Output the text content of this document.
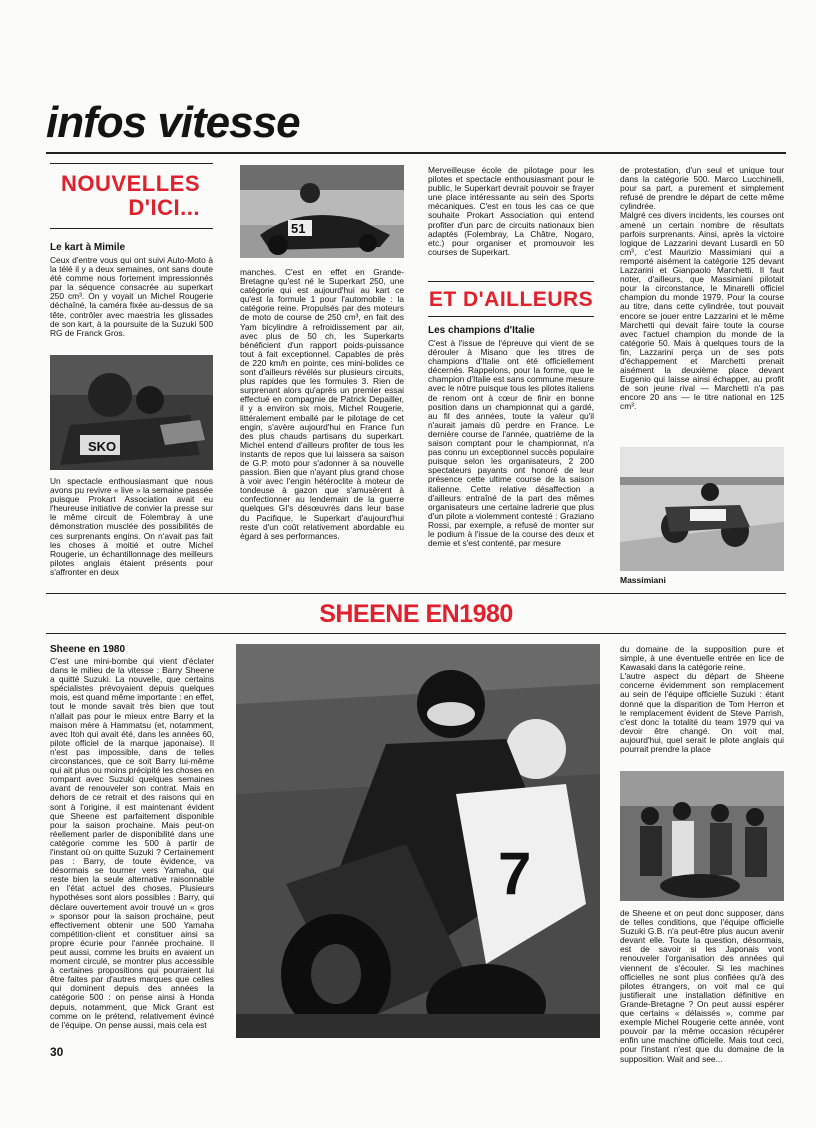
infos vitesse
NOUVELLES
D'ICI...

Le kart à Mimile

Ceux d'entre vous qui ont suivi Auto-Moto à la télé il y a deux semaines, ont sans doute été comme nous fortement impressionnés par la séquence consacrée au superkart 250 cm³. On y voyait un Michel Rougerie déchaîné, la caméra fixée au-dessus de sa tête, contrôler avec maestria les glissades de son kart, à la poursuite de la Suzuki 500 RG de Franck Gros.

SKO

Un spectacle enthousiasmant que nous avons pu revivre « live » la semaine passée puisque Prokart Association avait eu l'heureuse initiative de convier la presse sur le même circuit de Folembray à une démonstration musclée des possibilités de ces surprenants engins. On n'avait pas fait les choses à moitié et outre Michel Rougerie, un échantillonnage des meilleurs pilotes anglais étaient présents pour s'affronter en deux

51

manches. C'est en effet en Grande-Bretagne qu'est né le Superkart 250, une catégorie qui est aujourd'hui au kart ce qu'est la formule 1 pour l'automobile : la catégorie reine. Propulsés par des moteurs de moto de course de 250 cm³, en fait des Yam bicylindre à refroidissement par air, avec plus de 50 ch, les Superkarts bénéficient d'un rapport poids-puissance tout à fait exceptionnel. Capables de près de 220 km/h en pointe, ces mini-bolides ce sont d'ailleurs révélés sur plusieurs circuits, plus rapides que les formules 3. Rien de surprenant alors qu'après un premier essai effectué en compagnie de Patrick Depailler, il y a environ six mois, Michel Rougerie, littéralement emballé par le pilotage de cet engin, s'avère aujourd'hui en France l'un des plus chauds partisans du superkart. Michel entend d'ailleurs profiter de tous les instants de repos que lui laissera sa saison de G.P. moto pour s'adonner à sa nouvelle passion. Bien que n'ayant plus grand chose à voir avec l'engin hétéroclite à moteur de tondeuse à gazon que s'amusèrent à confectionner au lendemain de la guerre quelques GI's désœuvrés dans leur base du Pacifique, le Superkart d'aujourd'hui reste d'un coût relativement abordable eu égard à ses performances.

Merveilleuse école de pilotage pour les pilotes et spectacle enthousiasmant pour le public, le Superkart devrait pouvoir se frayer une place intéressante au sein des Sports mécaniques. C'est en tous les cas ce que souhaite Prokart Association qui entend profiter d'un parc de circuits nationaux bien adaptés (Folembray, La Châtre, Nogaro, etc.) pour organiser et promouvoir les courses de Superkart.

ET D'AILLEURS

Les champions d'Italie

C'est à l'issue de l'épreuve qui vient de se dérouler à Misano que les titres de champions d'Italie ont été officiellement décernés. Rappelons, pour la forme, que le champion d'Italie est sans commune mesure avec le nôtre puisque tous les pilotes italiens de renom ont à cœur de finir en bonne position dans un championnat qui a gardé, au fil des années, toute la valeur qu'il n'aurait jamais dû perdre en France. Le dernière course de l'année, quatrième de la saison comptant pour le championnat, n'a pas connu un exceptionnel succès populaire puisque selon les organisateurs, 2 200 spectateurs payants ont honoré de leur présence cette ultime course de la saison italienne. Cette relative désaffection a d'ailleurs entraîné de la part des mêmes organisateurs une certaine ladrerie que plus d'un pilote a violemment contesté : Graziano Rossi, par exemple, a refusé de monter sur le podium à l'issue de la course des deux et demie et s'est contenté, par mesure

de protestation, d'un seul et unique tour dans la catégorie 500. Marco Lucchinelli, pour sa part, a purement et simplement refusé de prendre le départ de cette même cylindrée.
Malgré ces divers incidents, les courses ont amené un certain nombre de résultats parfois surprenants. Ainsi, après la victoire logique de Lazzarini devant Lusardi en 50 cm³, c'est Maurizio Massimiani qui a remporté aisément la catégorie 125 devant Lazzarini et Gianpaolo Marchetti. Il faut noter, d'ailleurs, que Massimiani pilotait pour la circonstance, le Minarelli officiel champion du monde 1979. Pour la course au titre, dans cette cylindrée, tout pouvait encore se jouer entre Lazzarini et le même Marchetti qui devait faire toute la course avec l'actuel champion du monde de la catégorie 50. Mais à quelques tours de la fin, Lazzarini perça un de ses pots d'échappement et Marchetti prenait aisément la deuxième place devant Eugenio qui laisse ainsi échapper, au profit de son jeune rival — Marchetti n'a pas encore 20 ans — le titre national en 125 cm³.

Massimiani
SHEENE EN1980

Sheene en 1980

C'est une mini-bombe qui vient d'éclater dans le milieu de la vitesse : Barry Sheene a quitté Suzuki. La nouvelle, que certains spécialistes prévoyaient depuis quelques mois, est quand même importante : en effet, tout le monde savait très bien que tout n'allait pas pour le mieux entre Barry et la maison mère à Hammatsu (et, notamment, avec Itoh qui avait été, dans les années 60, pilote officiel de la marque japonaise). Il n'est pas impossible, dans de telles circonstances, que ce soit Barry lui-même qui ait plus ou moins précipité les choses en rompant avec Suzuki quelques semaines avant de renouveler son contrat. Mais en dehors de ce retrait et des raisons qui en sont à l'origine, il est maintenant évident que Sheene est parfaitement disponible pour la saison prochaine. Mais peut-on réellement parler de disponibilité dans une catégorie comme les 500 à partir de l'instant où on quitte Suzuki ? Certainement pas : Barry, de toute évidence, va désormais se tourner vers Yamaha, qui reste bien la seule alternative raisonnable en l'état actuel des choses. Plusieurs hypothèses sont alors possibles : Barry, qui déclare ouvertement avoir trouvé un « gros » sponsor pour la saison prochaine, peut effectivement obtenir une 500 Yamaha compétition-client et constituer ainsi sa propre écurie pour l'année prochaine. Il peut aussi, comme les bruits en avaient un moment circulé, se montrer plus accessible à certaines propositions qui pourraient lui être faites par d'autres marques que celles qui dominent depuis des années la catégorie 500 : on pense ainsi à Honda depuis, notamment, que Mick Grant est comme on le prétend, relativement évincé de l'équipe. On pense aussi, mais cela est

7

du domaine de la supposition pure et simple, à une éventuelle entrée en lice de Kawasaki dans la catégorie reine.
L'autre aspect du départ de Sheene concerne évidemment son remplacement au sein de l'équipe officielle Suzuki : étant donné que la disparition de Tom Herron et le remplacement évident de Steve Parrish, c'est donc la totalité du team 1979 qui va devoir être changé. On voit mal, aujourd'hui, quel serait le pilote anglais qui pourrait prendre la place

de Sheene et on peut donc supposer, dans de telles conditions, que l'équipe officielle Suzuki G.B. n'a peut-être plus aucun avenir devant elle. Toute la question, désormais, est de savoir si les Japonais vont renouveler l'organisation des années qui viennent de s'écouler. Si les machines officielles ne sont plus confiées qu'à des pilotes étrangers, on voit mal ce qui justifierait une installation définitive en Grande-Bretagne ? On peut aussi espérer que certains « délaissés », comme par exemple Michel Rougerie cette année, vont pouvoir par la même occasion récupérer enfin une machine officielle. Mais tout ceci, pour l'instant n'est que du domaine de la supposition. Wait and see...

30
